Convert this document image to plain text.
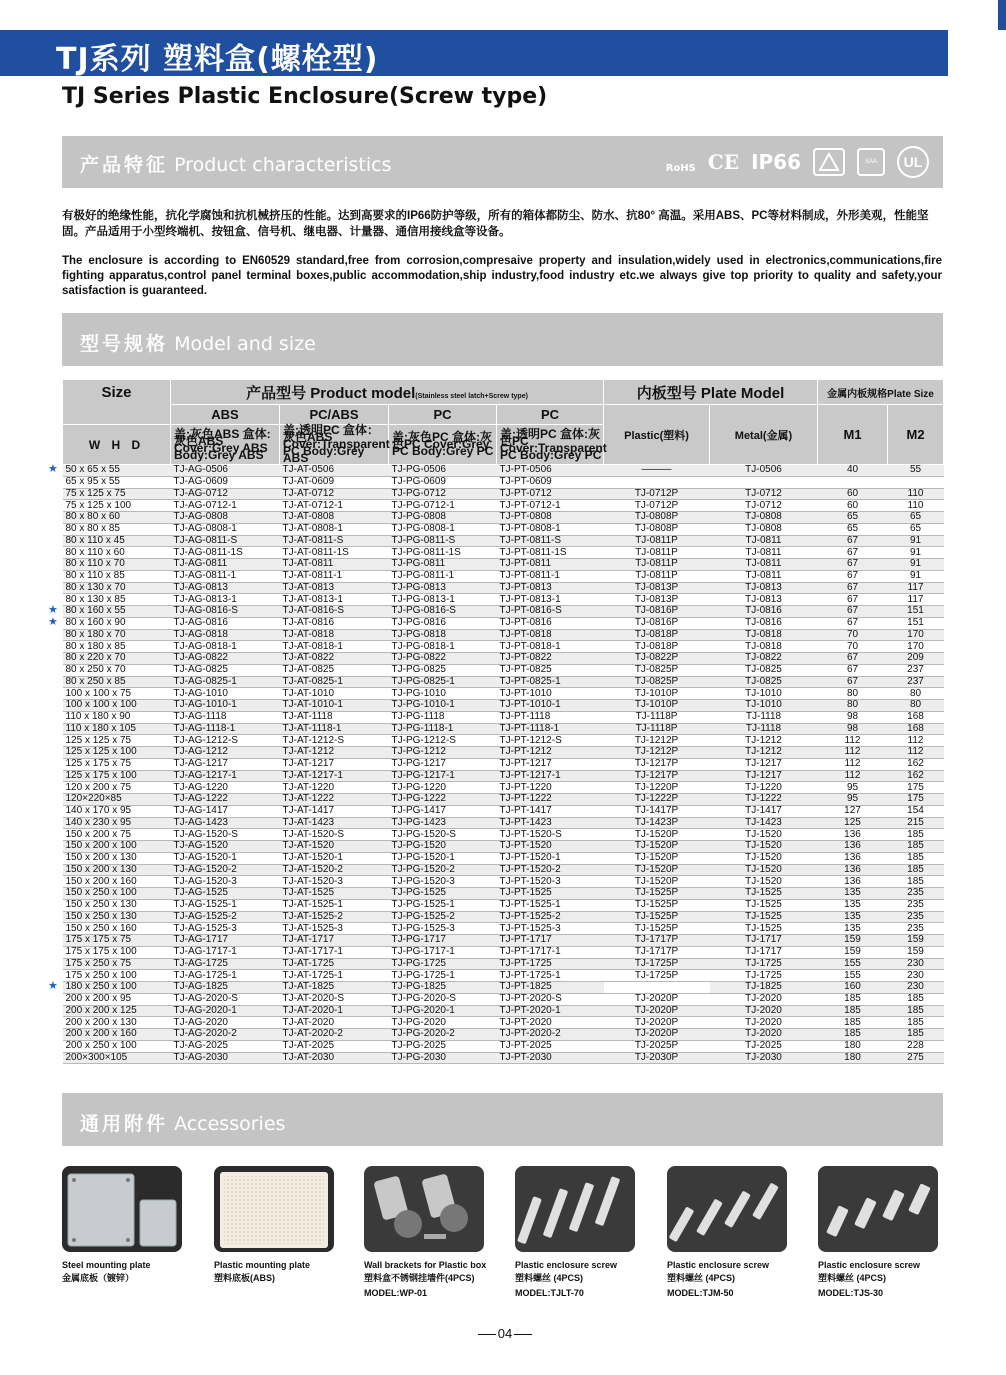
TJ系列 塑料盒(螺栓型)
TJ Series Plastic Enclosure(Screw type)
产品特征 Product characteristics	RoHS CE IP66	SAA	UL
有极好的绝缘性能，抗化学腐蚀和抗机械挤压的性能。达到高要求的IP66防护等级，所有的箱体都防尘、防水、抗80° 高温。采用ABS、PC等材料制成，外形美观，性能坚固。产品适用于小型终端机、按钮盒、信号机、继电器、计量器、通信用接线盒等设备。
The enclosure is according to EN60529 standard,free from corrosion,compresaive property and insulation,widely used in electronics,communications,fire fighting apparatus,control panel terminal boxes,public accommodation,ship industry,food industry etc.we always give top priority to quality and safety,your satisfaction is guaranteed.
型号规格 Model and size
Size	产品型号 Product model(Stainless steel latch+Screw type)				内板型号 Plate Model		金属内板规格Plate Size	
	ABS	PC/ABS	PC	PC	Plastic(塑料)	Metal(金属)	M1	M2
W H D	盖:灰色ABS 盒体:灰色ABS Cover:Grey ABS Body:Grey ABS	盖:透明PC 盒体：灰色ABS Cover:Transparent PC Body:Grey ABS	盖:灰色PC 盒体:灰色PC Cover:Grey PC Body:Grey PC	盖:透明PC 盒体:灰色PC Cover:Transparent PC Body:Grey PC				
50 x 65 x 55	TJ-AG-0506	TJ-AT-0506	TJ-PG-0506	TJ-PT-0506	———	TJ-0506	40	55
65 x 95 x 55	TJ-AG-0609	TJ-AT-0609	TJ-PG-0609	TJ-PT-0609				
75 x 125 x 75	TJ-AG-0712	TJ-AT-0712	TJ-PG-0712	TJ-PT-0712	TJ-0712P	TJ-0712	60	110
75 x 125 x 100	TJ-AG-0712-1	TJ-AT-0712-1	TJ-PG-0712-1	TJ-PT-0712-1	TJ-0712P	TJ-0712	60	110
80 x 80 x 60	TJ-AG-0808	TJ-AT-0808	TJ-PG-0808	TJ-PT-0808	TJ-0808P	TJ-0808	65	65
80 x 80 x 85	TJ-AG-0808-1	TJ-AT-0808-1	TJ-PG-0808-1	TJ-PT-0808-1	TJ-0808P	TJ-0808	65	65
80 x 110 x 45	TJ-AG-0811-S	TJ-AT-0811-S	TJ-PG-0811-S	TJ-PT-0811-S	TJ-0811P	TJ-0811	67	91
80 x 110 x 60	TJ-AG-0811-1S	TJ-AT-0811-1S	TJ-PG-0811-1S	TJ-PT-0811-1S	TJ-0811P	TJ-0811	67	91
80 x 110 x 70	TJ-AG-0811	TJ-AT-0811	TJ-PG-0811	TJ-PT-0811	TJ-0811P	TJ-0811	67	91
80 x 110 x 85	TJ-AG-0811-1	TJ-AT-0811-1	TJ-PG-0811-1	TJ-PT-0811-1	TJ-0811P	TJ-0811	67	91
80 x 130 x 70	TJ-AG-0813	TJ-AT-0813	TJ-PG-0813	TJ-PT-0813	TJ-0813P	TJ-0813	67	117
80 x 130 x 85	TJ-AG-0813-1	TJ-AT-0813-1	TJ-PG-0813-1	TJ-PT-0813-1	TJ-0813P	TJ-0813	67	117
80 x 160 x 55	TJ-AG-0816-S	TJ-AT-0816-S	TJ-PG-0816-S	TJ-PT-0816-S	TJ-0816P	TJ-0816	67	151
80 x 160 x 90	TJ-AG-0816	TJ-AT-0816	TJ-PG-0816	TJ-PT-0816	TJ-0816P	TJ-0816	67	151
80 x 180 x 70	TJ-AG-0818	TJ-AT-0818	TJ-PG-0818	TJ-PT-0818	TJ-0818P	TJ-0818	70	170
80 x 180 x 85	TJ-AG-0818-1	TJ-AT-0818-1	TJ-PG-0818-1	TJ-PT-0818-1	TJ-0818P	TJ-0818	70	170
80 x 220 x 70	TJ-AG-0822	TJ-AT-0822	TJ-PG-0822	TJ-PT-0822	TJ-0822P	TJ-0822	67	209
80 x 250 x 70	TJ-AG-0825	TJ-AT-0825	TJ-PG-0825	TJ-PT-0825	TJ-0825P	TJ-0825	67	237
80 x 250 x 85	TJ-AG-0825-1	TJ-AT-0825-1	TJ-PG-0825-1	TJ-PT-0825-1	TJ-0825P	TJ-0825	67	237
100 x 100 x 75	TJ-AG-1010	TJ-AT-1010	TJ-PG-1010	TJ-PT-1010	TJ-1010P	TJ-1010	80	80
100 x 100 x 100	TJ-AG-1010-1	TJ-AT-1010-1	TJ-PG-1010-1	TJ-PT-1010-1	TJ-1010P	TJ-1010	80	80
110 x 180 x 90	TJ-AG-1118	TJ-AT-1118	TJ-PG-1118	TJ-PT-1118	TJ-1118P	TJ-1118	98	168
110 x 180 x 105	TJ-AG-1118-1	TJ-AT-1118-1	TJ-PG-1118-1	TJ-PT-1118-1	TJ-1118P	TJ-1118	98	168
125 x 125 x 75	TJ-AG-1212-S	TJ-AT-1212-S	TJ-PG-1212-S	TJ-PT-1212-S	TJ-1212P	TJ-1212	112	112
125 x 125 x 100	TJ-AG-1212	TJ-AT-1212	TJ-PG-1212	TJ-PT-1212	TJ-1212P	TJ-1212	112	112
125 x 175 x 75	TJ-AG-1217	TJ-AT-1217	TJ-PG-1217	TJ-PT-1217	TJ-1217P	TJ-1217	112	162
125 x 175 x 100	TJ-AG-1217-1	TJ-AT-1217-1	TJ-PG-1217-1	TJ-PT-1217-1	TJ-1217P	TJ-1217	112	162
120 x 200 x 75	TJ-AG-1220	TJ-AT-1220	TJ-PG-1220	TJ-PT-1220	TJ-1220P	TJ-1220	95	175
120×220×85	TJ-AG-1222	TJ-AT-1222	TJ-PG-1222	TJ-PT-1222	TJ-1222P	TJ-1222	95	175
140 x 170 x 95	TJ-AG-1417	TJ-AT-1417	TJ-PG-1417	TJ-PT-1417	TJ-1417P	TJ-1417	127	154
140 x 230 x 95	TJ-AG-1423	TJ-AT-1423	TJ-PG-1423	TJ-PT-1423	TJ-1423P	TJ-1423	125	215
150 x 200 x 75	TJ-AG-1520-S	TJ-AT-1520-S	TJ-PG-1520-S	TJ-PT-1520-S	TJ-1520P	TJ-1520	136	185
150 x 200 x 100	TJ-AG-1520	TJ-AT-1520	TJ-PG-1520	TJ-PT-1520	TJ-1520P	TJ-1520	136	185
150 x 200 x 130	TJ-AG-1520-1	TJ-AT-1520-1	TJ-PG-1520-1	TJ-PT-1520-1	TJ-1520P	TJ-1520	136	185
150 x 200 x 130	TJ-AG-1520-2	TJ-AT-1520-2	TJ-PG-1520-2	TJ-PT-1520-2	TJ-1520P	TJ-1520	136	185
150 x 200 x 160	TJ-AG-1520-3	TJ-AT-1520-3	TJ-PG-1520-3	TJ-PT-1520-3	TJ-1520P	TJ-1520	136	185
150 x 250 x 100	TJ-AG-1525	TJ-AT-1525	TJ-PG-1525	TJ-PT-1525	TJ-1525P	TJ-1525	135	235
150 x 250 x 130	TJ-AG-1525-1	TJ-AT-1525-1	TJ-PG-1525-1	TJ-PT-1525-1	TJ-1525P	TJ-1525	135	235
150 x 250 x 130	TJ-AG-1525-2	TJ-AT-1525-2	TJ-PG-1525-2	TJ-PT-1525-2	TJ-1525P	TJ-1525	135	235
150 x 250 x 160	TJ-AG-1525-3	TJ-AT-1525-3	TJ-PG-1525-3	TJ-PT-1525-3	TJ-1525P	TJ-1525	135	235
175 x 175 x 75	TJ-AG-1717	TJ-AT-1717	TJ-PG-1717	TJ-PT-1717	TJ-1717P	TJ-1717	159	159
175 x 175 x 100	TJ-AG-1717-1	TJ-AT-1717-1	TJ-PG-1717-1	TJ-PT-1717-1	TJ-1717P	TJ-1717	159	159
175 x 250 x 75	TJ-AG-1725	TJ-AT-1725	TJ-PG-1725	TJ-PT-1725	TJ-1725P	TJ-1725	155	230
175 x 250 x 100	TJ-AG-1725-1	TJ-AT-1725-1	TJ-PG-1725-1	TJ-PT-1725-1	TJ-1725P	TJ-1725	155	230
180 x 250 x 100	TJ-AG-1825	TJ-AT-1825	TJ-PG-1825	TJ-PT-1825		TJ-1825	160	230
200 x 200 x 95	TJ-AG-2020-S	TJ-AT-2020-S	TJ-PG-2020-S	TJ-PT-2020-S	TJ-2020P	TJ-2020	185	185
200 x 200 x 125	TJ-AG-2020-1	TJ-AT-2020-1	TJ-PG-2020-1	TJ-PT-2020-1	TJ-2020P	TJ-2020	185	185
200 x 200 x 130	TJ-AG-2020	TJ-AT-2020	TJ-PG-2020	TJ-PT-2020	TJ-2020P	TJ-2020	185	185
200 x 200 x 160	TJ-AG-2020-2	TJ-AT-2020-2	TJ-PG-2020-2	TJ-PT-2020-2	TJ-2020P	TJ-2020	185	185
200 x 250 x 100	TJ-AG-2025	TJ-AT-2025	TJ-PG-2025	TJ-PT-2025	TJ-2025P	TJ-2025	180	228
200×300×105	TJ-AG-2030	TJ-AT-2030	TJ-PG-2030	TJ-PT-2030	TJ-2030P	TJ-2030	180	275
★
★
★
★
通用附件 Accessories
Steel mounting plate
金属底板（镀锌）
Plastic mounting plate
塑料底板(ABS)
Wall brackets for Plastic box
塑料盒不锈钢挂墙件(4PCS)
MODEL:WP-01
Plastic enclosure screw
塑料螺丝 (4PCS)
MODEL:TJLT-70
Plastic enclosure screw
塑料螺丝 (4PCS)
MODEL:TJM-50
Plastic enclosure screw
塑料螺丝 (4PCS)
MODEL:TJS-30
04
